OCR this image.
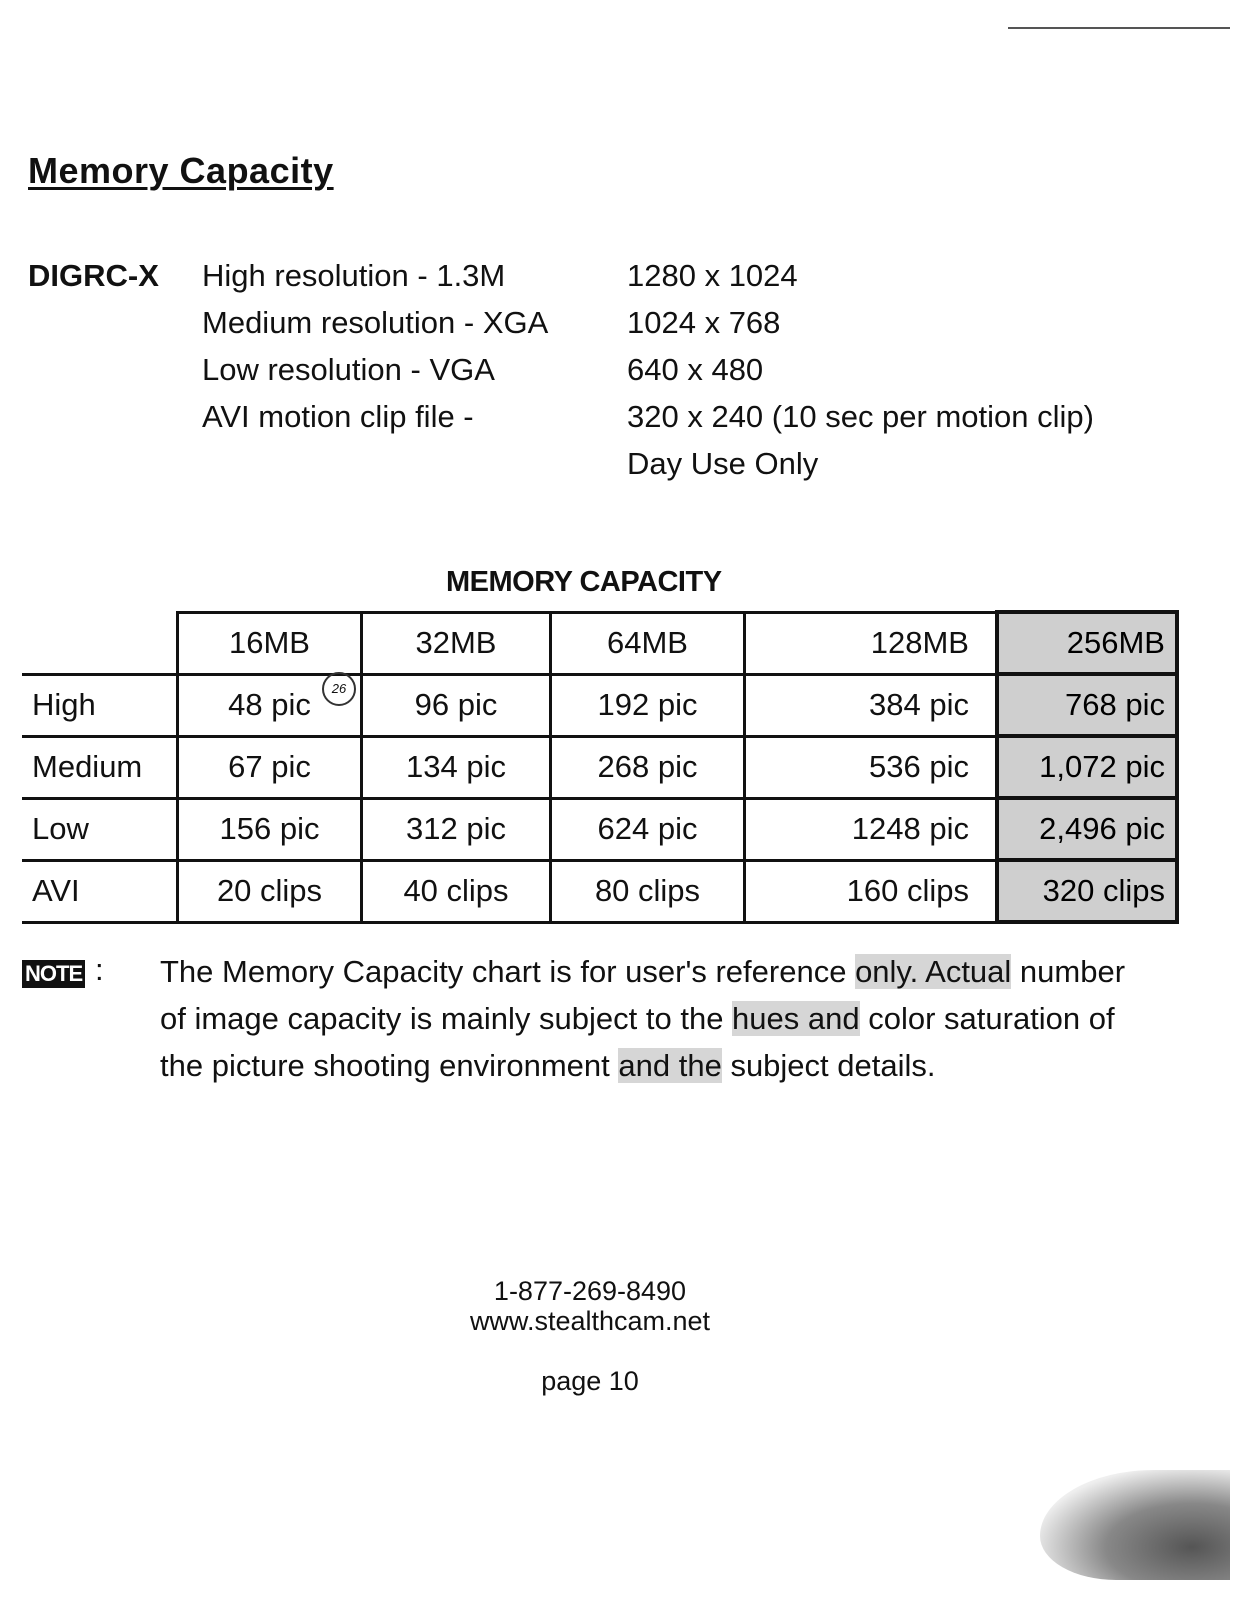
Memory Capacity
DIGRC-X High resolution - 1.3M	1280 x 1024
Medium resolution - XGA	1024 x 768
Low resolution - VGA	640 x 480
AVI motion clip file -	320 x 240 (10 sec per motion clip)
Day Use Only
MEMORY CAPACITY
	16MB	32MB	64MB	128MB	256MB
High	48 pic	96 pic	192 pic	384 pic	768 pic
Medium	67 pic	134 pic	268 pic	536 pic	1,072 pic
Low	156 pic	312 pic	624 pic	1248 pic	2,496 pic
AVI	20 clips	40 clips	80 clips	160 clips	320 clips
26
NOTE : The Memory Capacity chart is for user's reference only. Actual number of image capacity is mainly subject to the hues and color saturation of the picture shooting environment and the subject details.

1-877-269-8490
www.stealthcam.net
page 10
